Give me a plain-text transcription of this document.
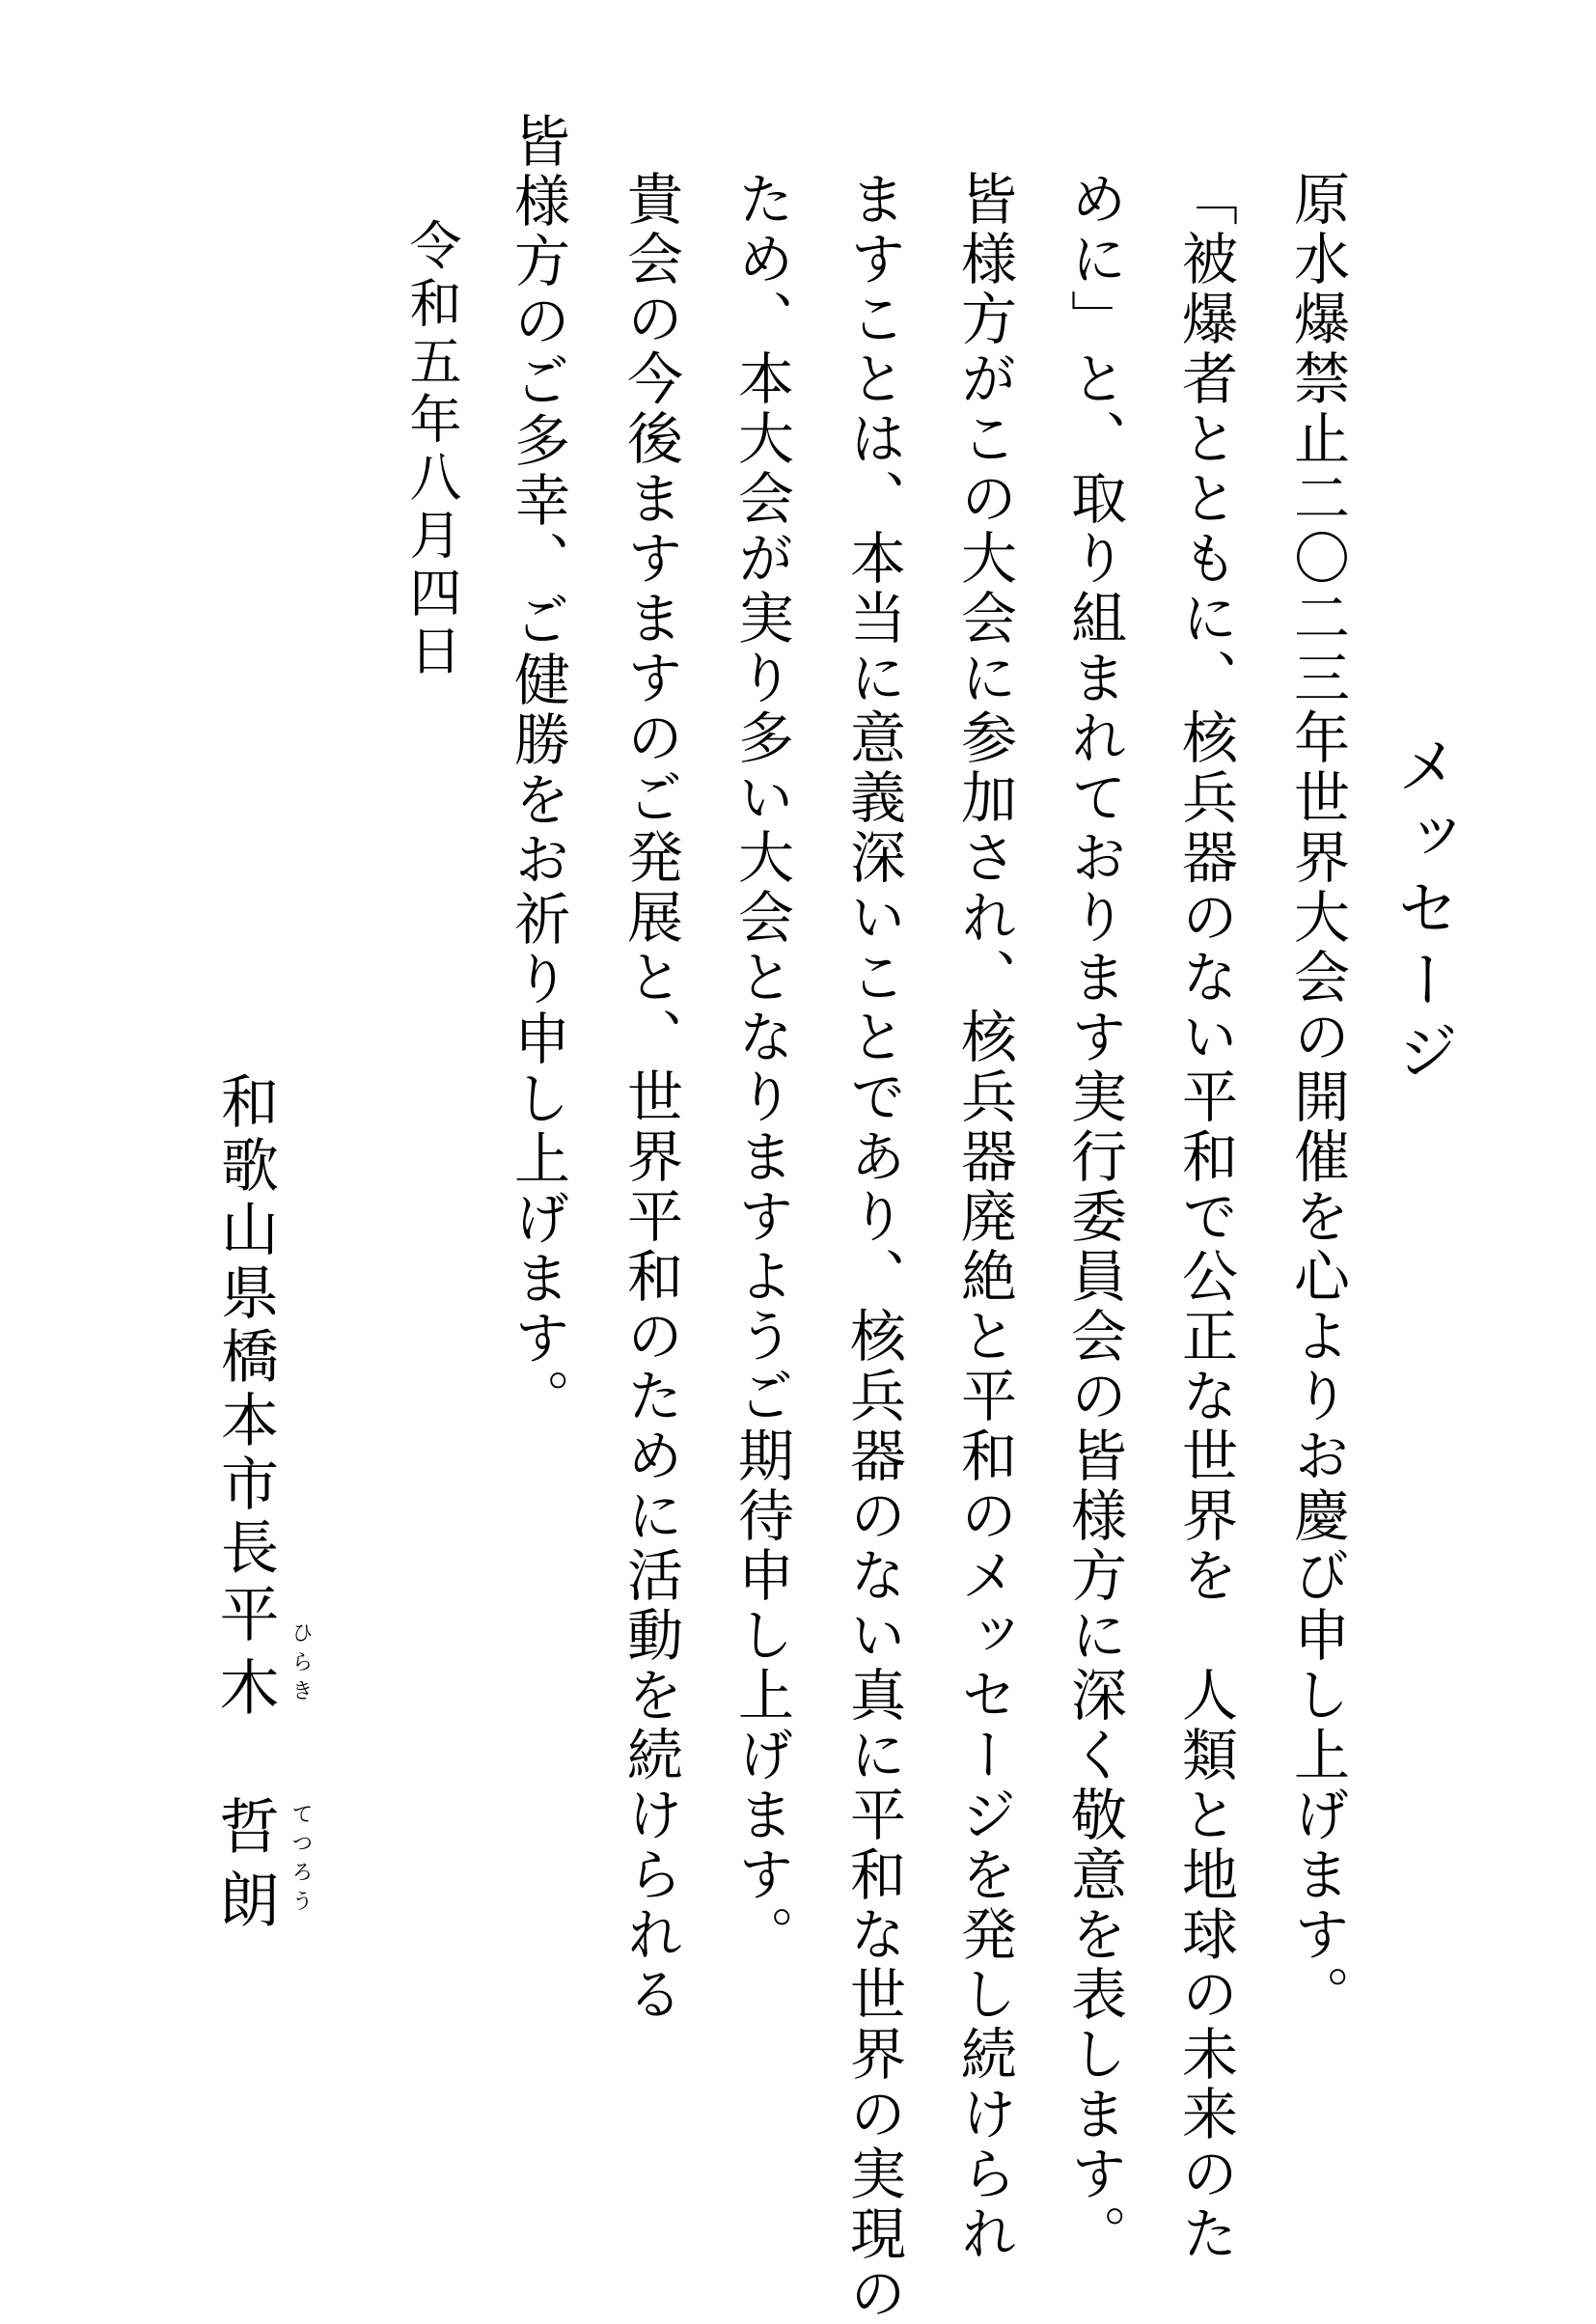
メッセージ
原水爆禁止二〇二三年世界大会の開催を心よりお慶び申し上げます。
「被爆者とともに、核兵器のない平和で公正な世界を　人類と地球の未来のた
めに」と、取り組まれております実行委員会の皆様方に深く敬意を表します。
皆様方がこの大会に参加され、核兵器廃絶と平和のメッセージを発し続けられ
ますことは、本当に意義深いことであり、核兵器のない真に平和な世界の実現の
ため、本大会が実り多い大会となりますようご期待申し上げます。
貴会の今後ますますのご発展と、世界平和のために活動を続けられる
皆様方のご多幸、ご健勝をお祈り申し上げます。
令和五年八月四日
和歌山県橋本市長
平木 ひらき
哲朗 てつろう
